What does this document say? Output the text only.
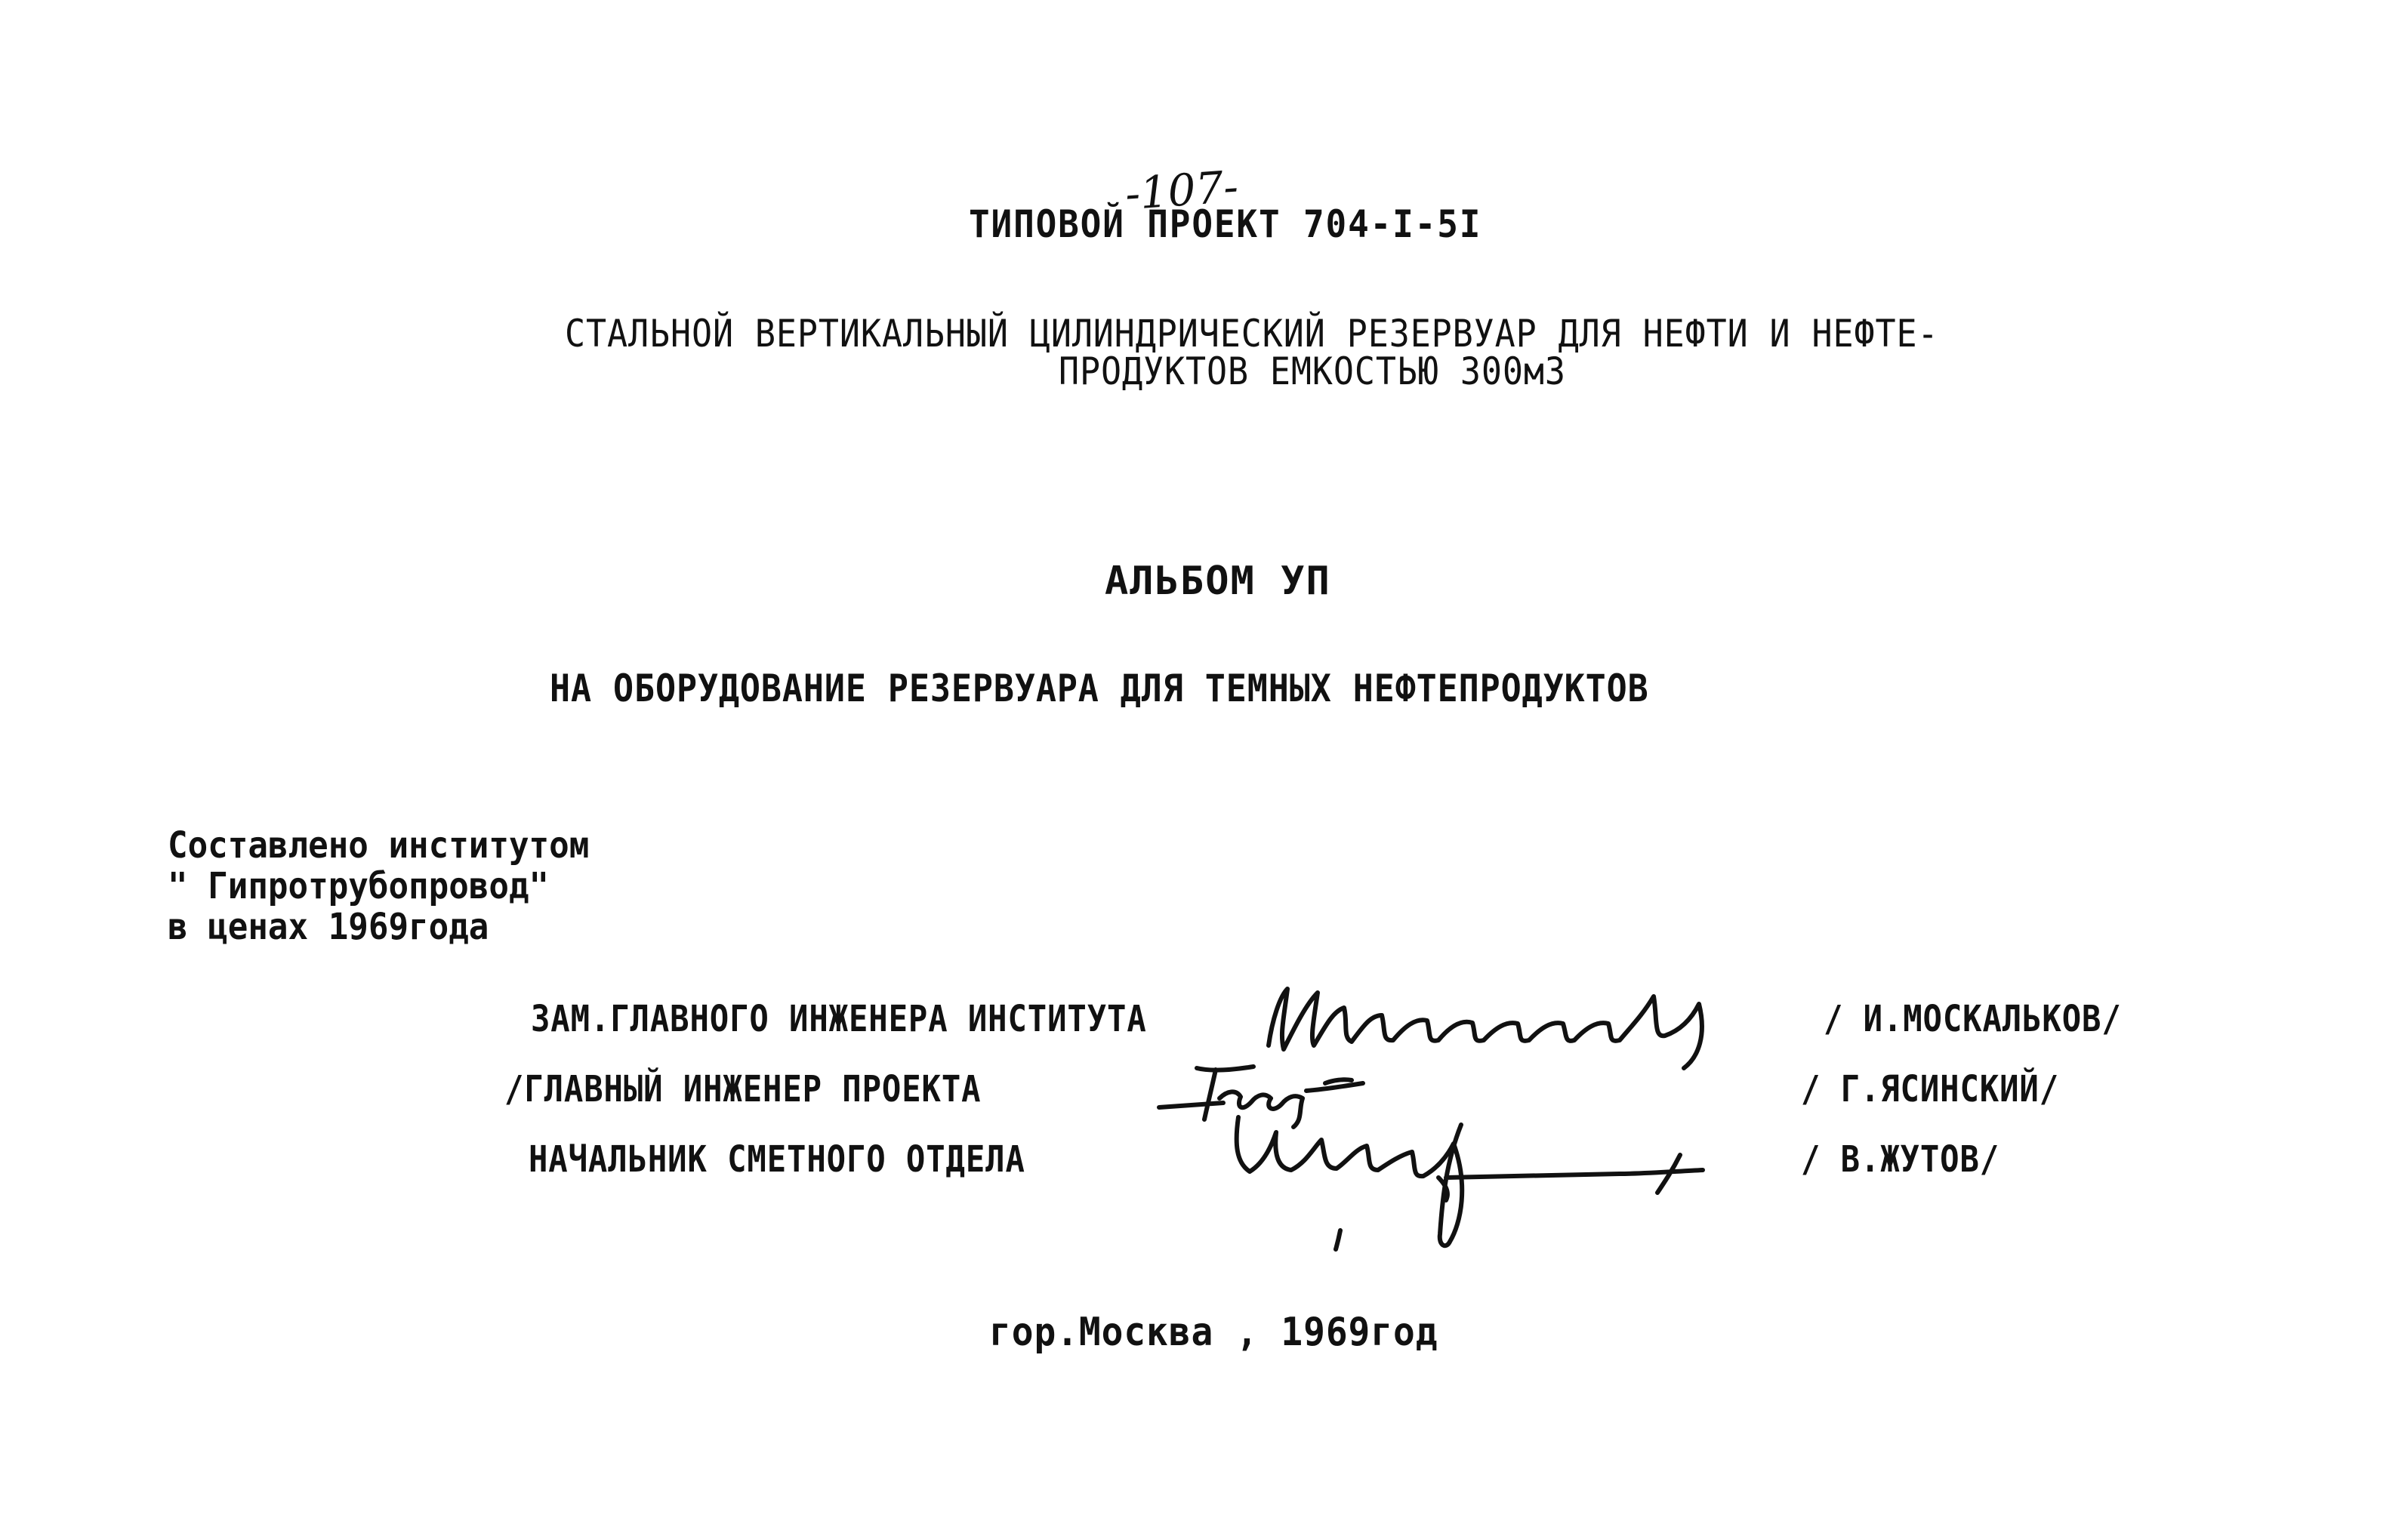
-107-
ТИПОВОЙ ПРОЕКТ 704-I-5I
СТАЛЬНОЙ ВЕРТИКАЛЬНЫЙ ЦИЛИНДРИЧЕСКИЙ РЕЗЕРВУАР ДЛЯ НЕФТИ И НЕФТЕ-
ПРОДУКТОВ ЕМКОСТЬЮ 300м3
АЛЬБОМ УП
НА ОБОРУДОВАНИЕ РЕЗЕРВУАРА ДЛЯ ТЕМНЫХ НЕФТЕПРОДУКТОВ
Составлено институтом
" Гипротрубопровод"
в ценах 1969года
ЗАМ.ГЛАВНОГО ИНЖЕНЕРА ИНСТИТУТА
/ГЛАВНЫЙ ИНЖЕНЕР ПРОЕКТА
НАЧАЛЬНИК СМЕТНОГО ОТДЕЛА
/ И.МОСКАЛЬКОВ/
/ Г.ЯСИНСКИЙ/
/ В.ЖУТОВ/
гор.Москва , 1969год
